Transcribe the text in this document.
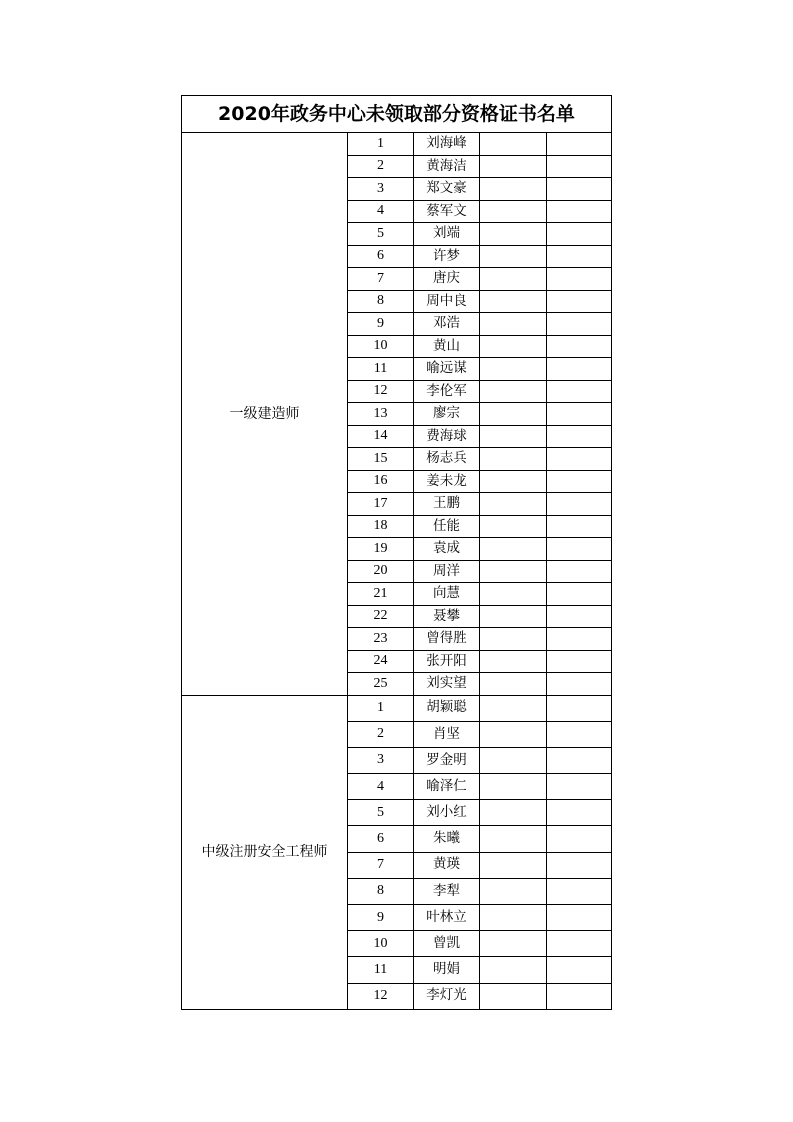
2020年政务中心未领取部分资格证书名单				
一级建造师	1	刘海峰		
	2	黄海洁		
	3	郑文豪		
	4	蔡军文		
	5	刘端		
	6	许梦		
	7	唐庆		
	8	周中良		
	9	邓浩		
	10	黄山		
	11	喻远谋		
	12	李伦军		
	13	廖宗		
	14	费海球		
	15	杨志兵		
	16	姜未龙		
	17	王鹏		
	18	任能		
	19	袁成		
	20	周洋		
	21	向慧		
	22	聂攀		
	23	曾得胜		
	24	张开阳		
	25	刘实望		
中级注册安全工程师	1	胡颖聪		
	2	肖坚		
	3	罗金明		
	4	喻泽仁		
	5	刘小红		
	6	朱曦		
	7	黄瑛		
	8	李犁		
	9	叶林立		
	10	曾凯		
	11	明娟		
	12	李灯光		
